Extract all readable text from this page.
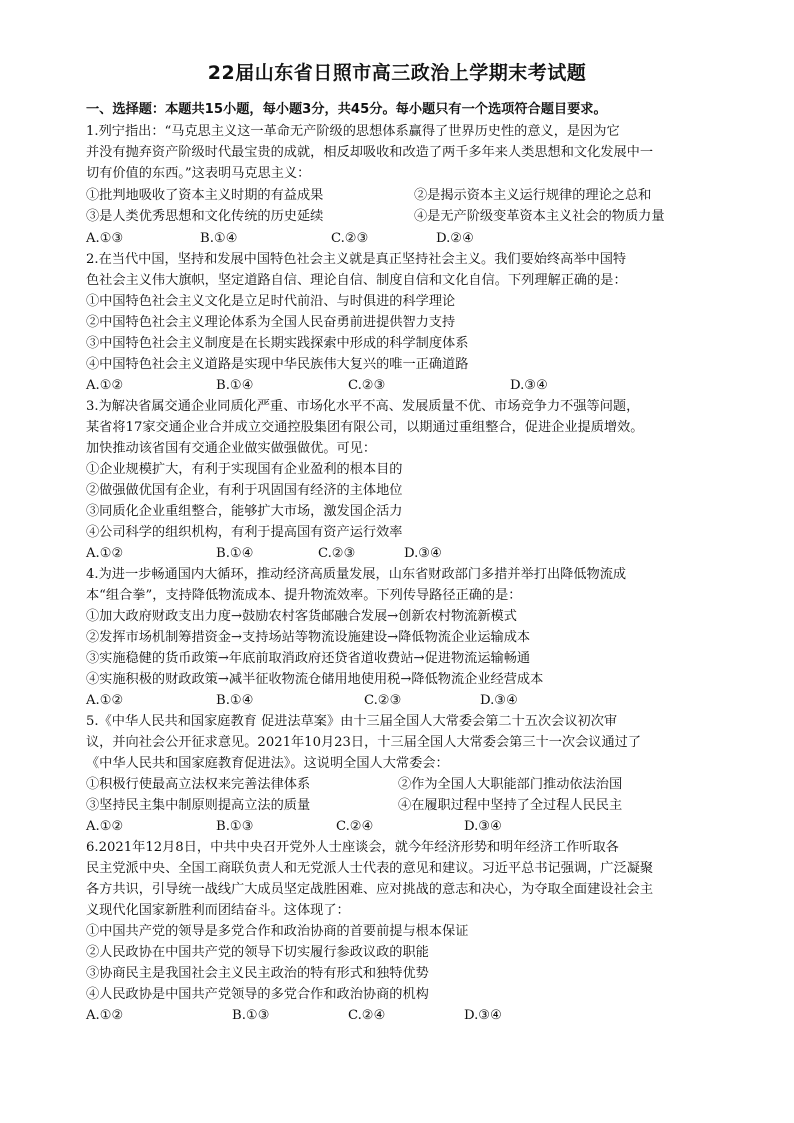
22届山东省日照市高三政治上学期末考试题
一、选择题：本题共15小题，每小题3分，共45分。每小题只有一个选项符合题目要求。
1.列宁指出：“马克思主义这一革命无产阶级的思想体系赢得了世界历史性的意义，是因为它
并没有抛弃资产阶级时代最宝贵的成就，相反却吸收和改造了两千多年来人类思想和文化发展中一
切有价值的东西。”这表明马克思主义：
①批判地吸收了资本主义时期的有益成果	②是揭示资本主义运行规律的理论之总和
③是人类优秀思想和文化传统的历史延续	④是无产阶级变革资本主义社会的物质力量
A.①③	B.①④	C.②③	D.②④
2.在当代中国，坚持和发展中国特色社会主义就是真正坚持社会主义。我们要始终高举中国特
色社会主义伟大旗帜，坚定道路自信、理论自信、制度自信和文化自信。下列理解正确的是：
①中国特色社会主义文化是立足时代前沿、与时俱进的科学理论
②中国特色社会主义理论体系为全国人民奋勇前进提供智力支持
③中国特色社会主义制度是在长期实践探索中形成的科学制度体系
④中国特色社会主义道路是实现中华民族伟大复兴的唯一正确道路
A.①②	B.①④	C.②③	D.③④
3.为解决省属交通企业同质化严重、市场化水平不高、发展质量不优、市场竞争力不强等问题，
某省将17家交通企业合并成立交通控股集团有限公司，以期通过重组整合，促进企业提质增效。
加快推动该省国有交通企业做实做强做优。可见：
①企业规模扩大，有利于实现国有企业盈利的根本目的
②做强做优国有企业，有利于巩固国有经济的主体地位
③同质化企业重组整合，能够扩大市场，激发国企活力
④公司科学的组织机构，有利于提高国有资产运行效率
A.①②	B.①④	C.②③	D.③④
4.为进一步畅通国内大循环，推动经济高质量发展，山东省财政部门多措并举打出降低物流成
本“组合拳”，支持降低物流成本、提升物流效率。下列传导路径正确的是：
①加大政府财政支出力度→鼓励农村客货邮融合发展→创新农村物流新模式
②发挥市场机制筹措资金→支持场站等物流设施建设→降低物流企业运输成本
③实施稳健的货币政策→年底前取消政府还贷省道收费站→促进物流运输畅通
④实施积极的财政政策→减半征收物流仓储用地使用税→降低物流企业经营成本
A.①②	B.①④	C.②③	D.③④
5.《中华人民共和国家庭教育 促进法草案》由十三届全国人大常委会第二十五次会议初次审
议，并向社会公开征求意见。2021年10月23日，十三届全国人大常委会第三十一次会议通过了
《中华人民共和国家庭教育促进法》。这说明全国人大常委会：
①积极行使最高立法权来完善法律体系	②作为全国人大职能部门推动依法治国
③坚持民主集中制原则提高立法的质量	④在履职过程中坚持了全过程人民民主
A.①②	B.①③	C.②④	D.③④
6.2021年12月8日，中共中央召开党外人士座谈会，就今年经济形势和明年经济工作听取各
民主党派中央、全国工商联负责人和无党派人士代表的意见和建议。习近平总书记强调，广泛凝聚
各方共识，引导统一战线广大成员坚定战胜困难、应对挑战的意志和决心，为夺取全面建设社会主
义现代化国家新胜利而团结奋斗。这体现了：
①中国共产党的领导是多党合作和政治协商的首要前提与根本保证
②人民政协在中国共产党的领导下切实履行参政议政的职能
③协商民主是我国社会主义民主政治的特有形式和独特优势
④人民政协是中国共产党领导的多党合作和政治协商的机构
A.①②	B.①③	C.②④	D.③④
